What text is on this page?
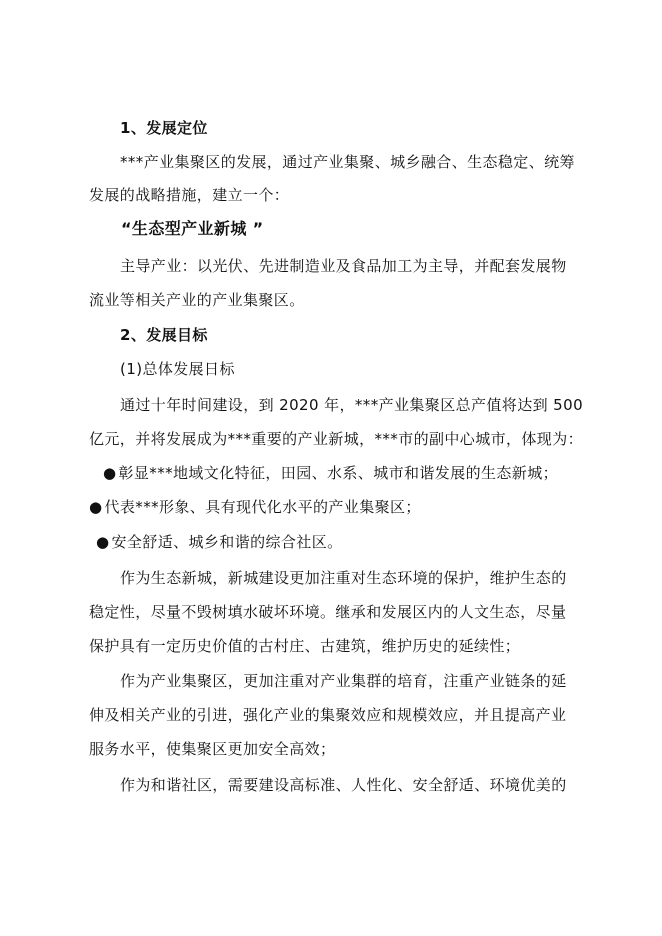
1、发展定位
***产业集聚区的发展，通过产业集聚、城乡融合、生态稳定、统筹
发展的战略措施，建立一个：
“生态型产业新城 ”
主导产业：以光伏、先进制造业及食品加工为主导，并配套发展物
流业等相关产业的产业集聚区。
2、发展目标
(1)总体发展日标
通过十年时间建设，到 2020 年，***产业集聚区总产值将达到 500
亿元，并将发展成为***重要的产业新城，***市的副中心城市，体现为：
● 彰显***地域文化特征，田园、水系、城市和谐发展的生态新城；
● 代表***形象、具有现代化水平的产业集聚区；
● 安全舒适、城乡和谐的综合社区。
作为生态新城，新城建设更加注重对生态环境的保护，维护生态的
稳定性，尽量不毁树填水破坏环境。继承和发展区内的人文生态，尽量
保护具有一定历史价值的古村庄、古建筑，维护历史的延续性；
作为产业集聚区，更加注重对产业集群的培育，注重产业链条的延
伸及相关产业的引进，强化产业的集聚效应和规模效应，并且提高产业
服务水平，使集聚区更加安全高效；
作为和谐社区，需要建设高标准、人性化、安全舒适、环境优美的
